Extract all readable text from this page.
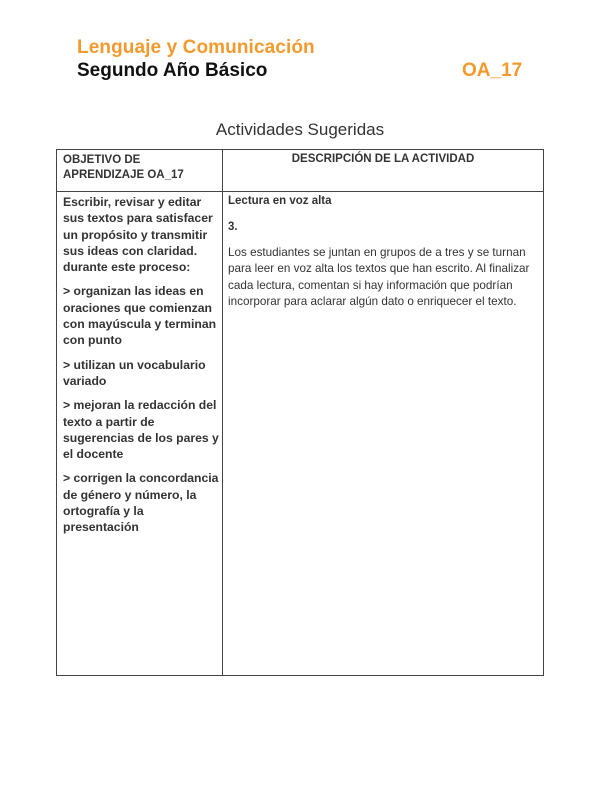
Lenguaje y Comunicación
Segundo Año Básico	OA_17
Actividades Sugeridas
OBJETIVO DE APRENDIZAJE OA_17
DESCRIPCIÓN DE LA ACTIVIDAD

Escribir, revisar y editar sus textos para satisfacer un propósito y transmitir sus ideas con claridad. durante este proceso:

> organizan las ideas en oraciones que comienzan con mayúscula y terminan con punto

> utilizan un vocabulario variado

> mejoran la redacción del texto a partir de sugerencias de los pares y el docente

> corrigen la concordancia de género y número, la ortografía y la presentación

Lectura en voz alta

3.

Los estudiantes se juntan en grupos de a tres y se turnan para leer en voz alta los textos que han escrito. Al finalizar cada lectura, comentan si hay información que podrían incorporar para aclarar algún dato o enriquecer el texto.
